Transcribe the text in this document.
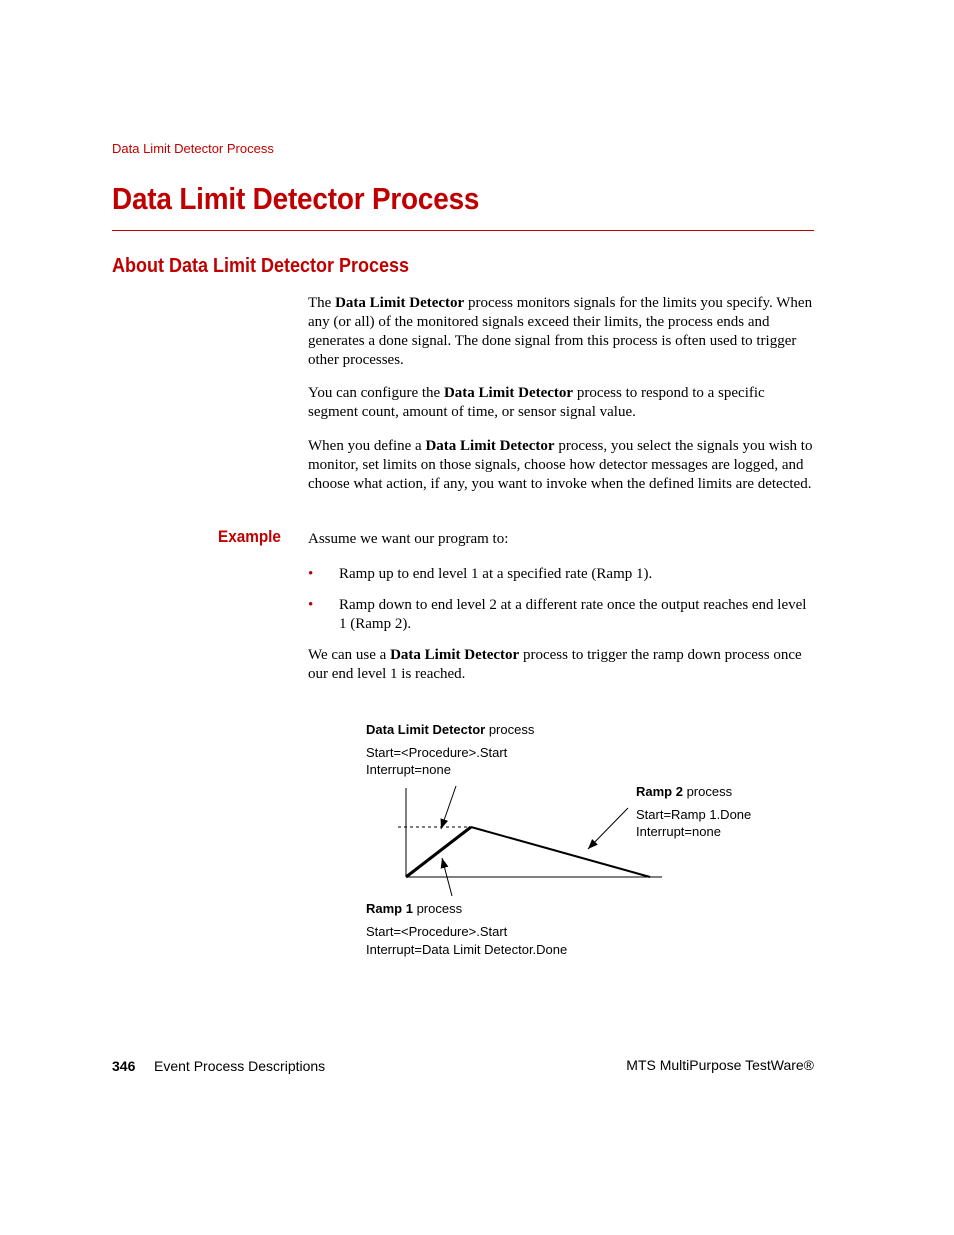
Data Limit Detector Process
Data Limit Detector Process
About Data Limit Detector Process

The Data Limit Detector process monitors signals for the limits you specify. When any (or all) of the monitored signals exceed their limits, the process ends and generates a done signal. The done signal from this process is often used to trigger other processes.

You can configure the Data Limit Detector process to respond to a specific segment count, amount of time, or sensor signal value.

When you define a Data Limit Detector process, you select the signals you wish to monitor, set limits on those signals, choose how detector messages are logged, and choose what action, if any, you want to invoke when the defined limits are detected.

Example Assume we want our program to:

• Ramp up to end level 1 at a specified rate (Ramp 1).
• Ramp down to end level 2 at a different rate once the output reaches end level 1 (Ramp 2).

We can use a Data Limit Detector process to trigger the ramp down process once our end level 1 is reached.

Data Limit Detector process
Start=<Procedure>.Start
Interrupt=none
Ramp 2 process
Start=Ramp 1.Done
Interrupt=none
Ramp 1 process
Start=<Procedure>.Start
Interrupt=Data Limit Detector.Done
346 Event Process Descriptions	MTS MultiPurpose TestWare®
